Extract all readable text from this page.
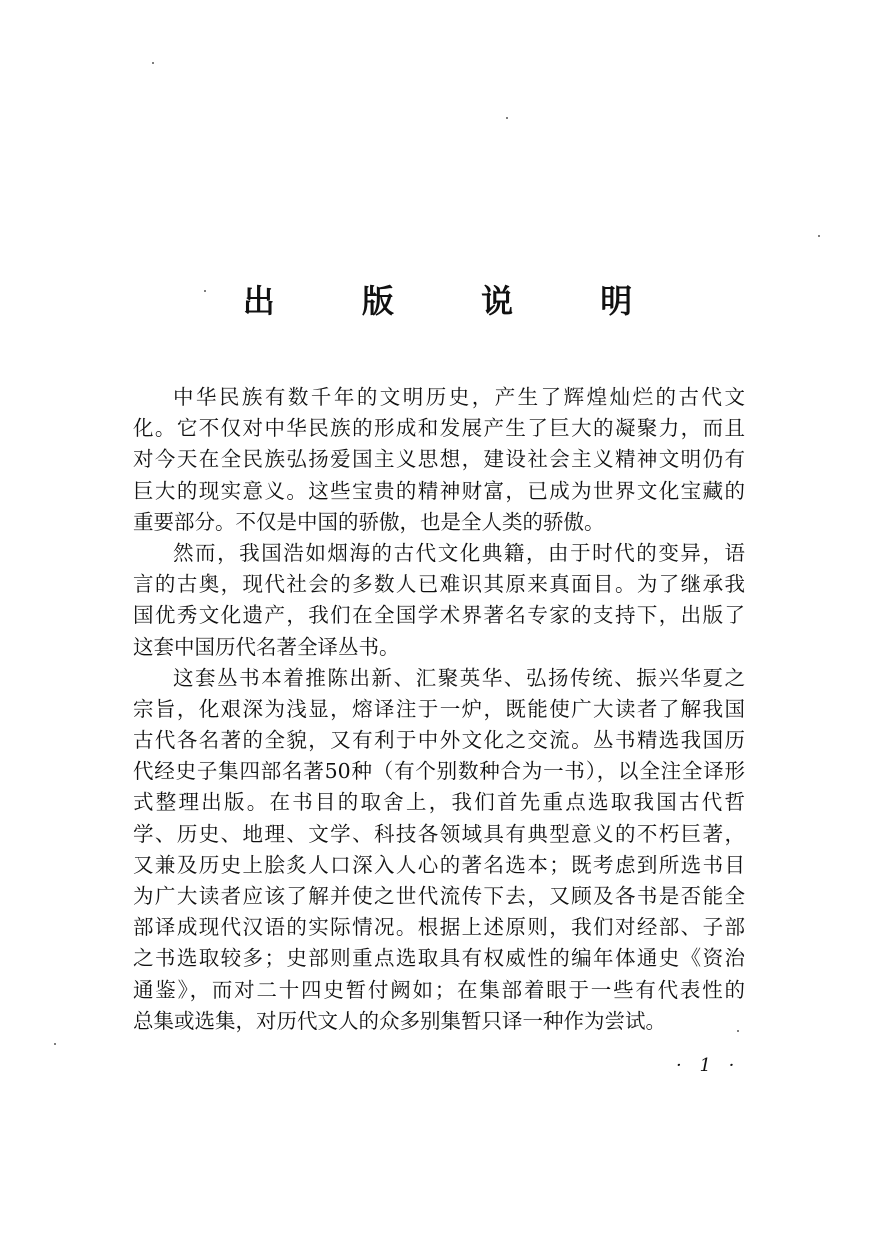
出 版 说 明
中华民族有数千年的文明历史，产生了辉煌灿烂的古代文
化。它不仅对中华民族的形成和发展产生了巨大的凝聚力，而且
对今天在全民族弘扬爱国主义思想，建设社会主义精神文明仍有
巨大的现实意义。这些宝贵的精神财富，已成为世界文化宝藏的
重要部分。不仅是中国的骄傲，也是全人类的骄傲。
然而，我国浩如烟海的古代文化典籍，由于时代的变异，语
言的古奥，现代社会的多数人已难识其原来真面目。为了继承我
国优秀文化遗产，我们在全国学术界著名专家的支持下，出版了
这套中国历代名著全译丛书。
这套丛书本着推陈出新、汇聚英华、弘扬传统、振兴华夏之
宗旨，化艰深为浅显，熔译注于一炉，既能使广大读者了解我国
古代各名著的全貌，又有利于中外文化之交流。丛书精选我国历
代经史子集四部名著50种（有个别数种合为一书），以全注全译形
式整理出版。在书目的取舍上，我们首先重点选取我国古代哲
学、历史、地理、文学、科技各领域具有典型意义的不朽巨著，
又兼及历史上脍炙人口深入人心的著名选本；既考虑到所选书目
为广大读者应该了解并使之世代流传下去，又顾及各书是否能全
部译成现代汉语的实际情况。根据上述原则，我们对经部、子部
之书选取较多；史部则重点选取具有权威性的编年体通史《资治
通鉴》，而对二十四史暂付阙如；在集部着眼于一些有代表性的
总集或选集，对历代文人的众多别集暂只译一种作为尝试。
· 1 ·
